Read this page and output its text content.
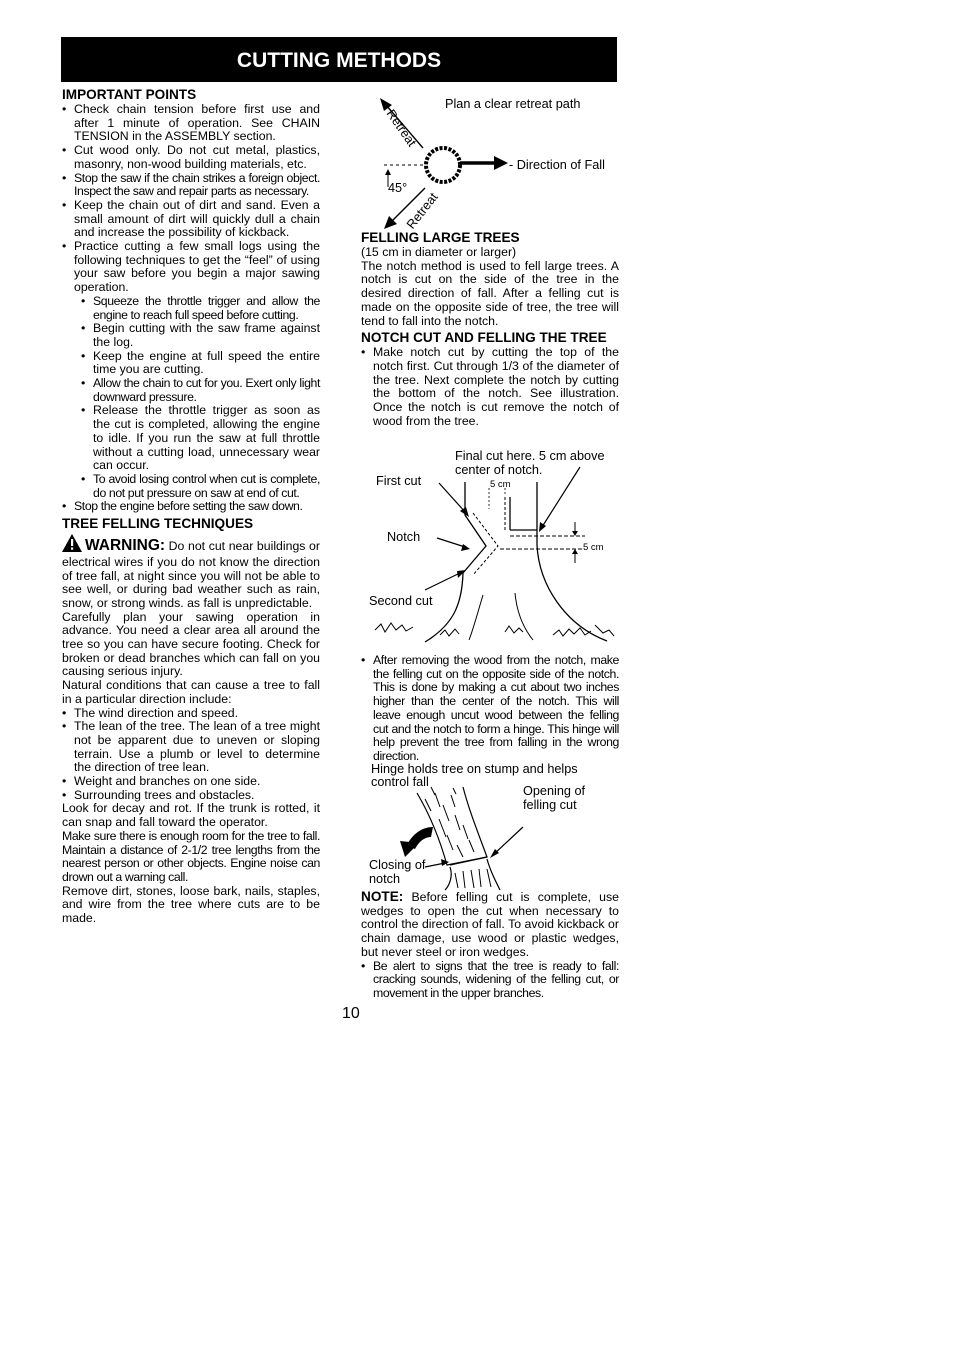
CUTTING METHODS
IMPORTANT POINTS
• Check chain tension before first use and after 1 minute of operation. See CHAIN TENSION in the ASSEMBLY section.
• Cut wood only. Do not cut metal, plastics, masonry, non-wood building materials, etc.
• Stop the saw if the chain strikes a foreign object. Inspect the saw and repair parts as necessary.
• Keep the chain out of dirt and sand. Even a small amount of dirt will quickly dull a chain and increase the possibility of kickback.
• Practice cutting a few small logs using the following techniques to get the “feel” of using your saw before you begin a major sawing operation.
• Squeeze the throttle trigger and allow the engine to reach full speed before cutting.
• Begin cutting with the saw frame against the log.
• Keep the engine at full speed the entire time you are cutting.
• Allow the chain to cut for you. Exert only light downward pressure.
• Release the throttle trigger as soon as the cut is completed, allowing the engine to idle. If you run the saw at full throttle without a cutting load, unnecessary wear can occur.
• To avoid losing control when cut is complete, do not put pressure on saw at end of cut.
• Stop the engine before setting the saw down.
TREE FELLING TECHNIQUES

WARNING: Do not cut near buildings or electrical wires if you do not know the direction of tree fall, at night since you will not be able to see well, or during bad weather such as rain, snow, or strong winds. as fall is unpredictable.

Carefully plan your sawing operation in advance. You need a clear area all around the tree so you can have secure footing. Check for broken or dead branches which can fall on you causing serious injury.

Natural conditions that can cause a tree to fall in a particular direction include:

• The wind direction and speed.
• The lean of the tree. The lean of a tree might not be apparent due to uneven or sloping terrain. Use a plumb or level to determine the direction of tree lean.
• Weight and branches on one side.
• Surrounding trees and obstacles.

Look for decay and rot. If the trunk is rotted, it can snap and fall toward the operator.

Make sure there is enough room for the tree to fall. Maintain a distance of 2-1/2 tree lengths from the nearest person or other objects. Engine noise can drown out a warning call.

Remove dirt, stones, loose bark, nails, staples, and wire from the tree where cuts are to be made.

Retreat
Retreat
Plan a clear retreat path
- Direction of Fall
45°
FELLING LARGE TREES

(15 cm in diameter or larger)

The notch method is used to fell large trees. A notch is cut on the side of the tree in the desired direction of fall. After a felling cut is made on the opposite side of tree, the tree will tend to fall into the notch.

NOTCH CUT AND FELLING THE TREE
• Make notch cut by cutting the top of the notch first. Cut through 1/3 of the diameter of the tree. Next complete the notch by cutting the bottom of the notch. See illustration. Once the notch is cut remove the notch of wood from the tree.
Final cut here. 5 cm above center of notch.
First cut
Notch
Second cut
5 cm
5 cm
• After removing the wood from the notch, make the felling cut on the opposite side of the notch. This is done by making a cut about two inches higher than the center of the notch. This will leave enough uncut wood between the felling cut and the notch to form a hinge. This hinge will help prevent the tree from falling in the wrong direction.
Hinge holds tree on stump and helps control fall
Opening of felling cut
Closing of notch

NOTE: Before felling cut is complete, use wedges to open the cut when necessary to control the direction of fall. To avoid kickback or chain damage, use wood or plastic wedges, but never steel or iron wedges.

• Be alert to signs that the tree is ready to fall: cracking sounds, widening of the felling cut, or movement in the upper branches.
10
